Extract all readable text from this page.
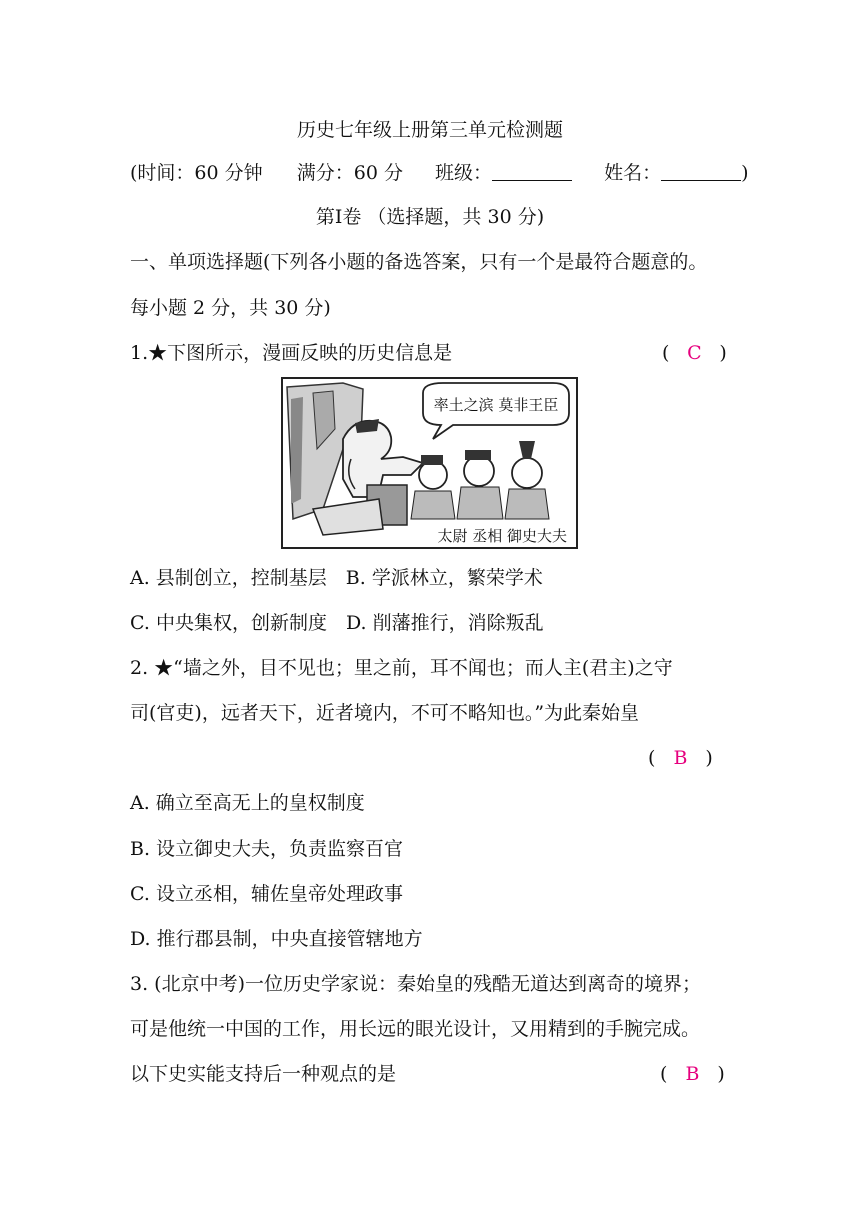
历史七年级上册第三单元检测题
(时间：60 分钟 满分：60 分 班级：	姓名：	)
第Ⅰ卷 （选择题，共 30 分)
一、单项选择题(下列各小题的备选答案，只有一个是最符合题意的。
每小题 2 分，共 30 分)
1.★下图所示，漫画反映的历史信息是	( C )
率土之滨 莫非王臣
太尉 丞相 御史大夫
A. 县制创立，控制基层　B. 学派林立，繁荣学术
C. 中央集权，创新制度　D. 削藩推行，消除叛乱
2. ★“墙之外，目不见也；里之前，耳不闻也；而人主(君主)之守
司(官吏)，远者天下，近者境内，不可不略知也。”为此秦始皇
( B )
A. 确立至高无上的皇权制度
B. 设立御史大夫，负责监察百官
C. 设立丞相，辅佐皇帝处理政事
D. 推行郡县制，中央直接管辖地方
3. (北京中考)一位历史学家说：秦始皇的残酷无道达到离奇的境界；
可是他统一中国的工作，用长远的眼光设计，又用精到的手腕完成。
以下史实能支持后一种观点的是	( B )
